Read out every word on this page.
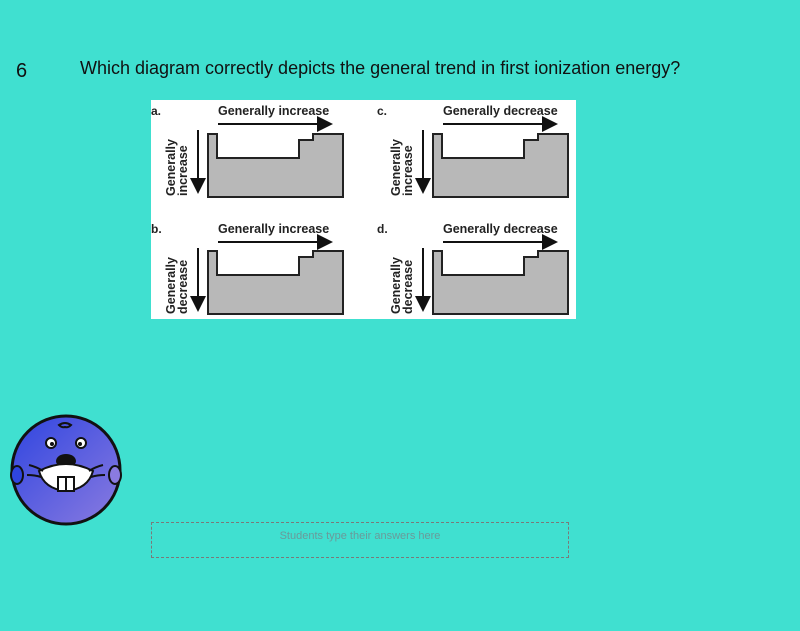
6	Which diagram correctly depicts the general trend in first ionization energy?
a.	Generally increase
Generally
increase
c.	Generally decrease
Generally
increase
b.	Generally increase
Generally
decrease
d.	Generally decrease
Generally
decrease
Students type their answers here
